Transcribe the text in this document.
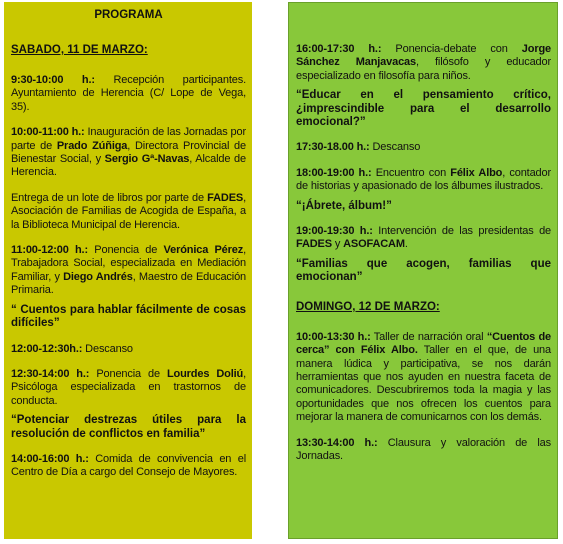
PROGRAMA
SABADO, 11 DE MARZO:
9:30-10:00 h.: Recepción participantes. Ayuntamiento de Herencia (C/ Lope de Vega, 35).
10:00-11:00 h.: Inauguración de las Jornadas por parte de Prado Zúñiga, Directora Provincial de Bienestar Social, y Sergio Gª-Navas, Alcalde de Herencia.
Entrega de un lote de libros por parte de FADES, Asociación de Familias de Acogida de España, a la Biblioteca Municipal de Herencia.
11:00-12:00 h.: Ponencia de Verónica Pérez, Trabajadora Social, especializada en Mediación Familiar, y Diego Andrés, Maestro de Educación Primaria.
“ Cuentos para hablar fácilmente de cosas difíciles”
12:00-12:30h.: Descanso
12:30-14:00 h.: Ponencia de Lourdes Doliú, Psicóloga especializada en trastornos de conducta.
“Potenciar destrezas útiles para la resolución de conflictos en familia”
14:00-16:00 h.: Comida de convivencia en el Centro de Día a cargo del Consejo de Mayores.
16:00-17:30 h.: Ponencia-debate con Jorge Sánchez Manjavacas, filósofo y educador especializado en filosofía para niños.
“Educar en el pensamiento crítico, ¿imprescindible para el desarrollo emocional?”
17:30-18.00 h.: Descanso
18:00-19:00 h.: Encuentro con Félix Albo, contador de historias y apasionado de los álbumes ilustrados.
“¡Ábrete, álbum!”
19:00-19:30 h.: Intervención de las presidentas de FADES y ASOFACAM.
“Familias que acogen, familias que emocionan”
DOMINGO, 12 DE MARZO:
10:00-13:30 h.: Taller de narración oral “Cuentos de cerca” con Félix Albo. Taller en el que, de una manera lúdica y participativa, se nos darán herramientas que nos ayuden en nuestra faceta de comunicadores. Descubriremos toda la magia y las oportunidades que nos ofrecen los cuentos para mejorar la manera de comunicarnos con los demás.
13:30-14:00 h.: Clausura y valoración de las Jornadas.
